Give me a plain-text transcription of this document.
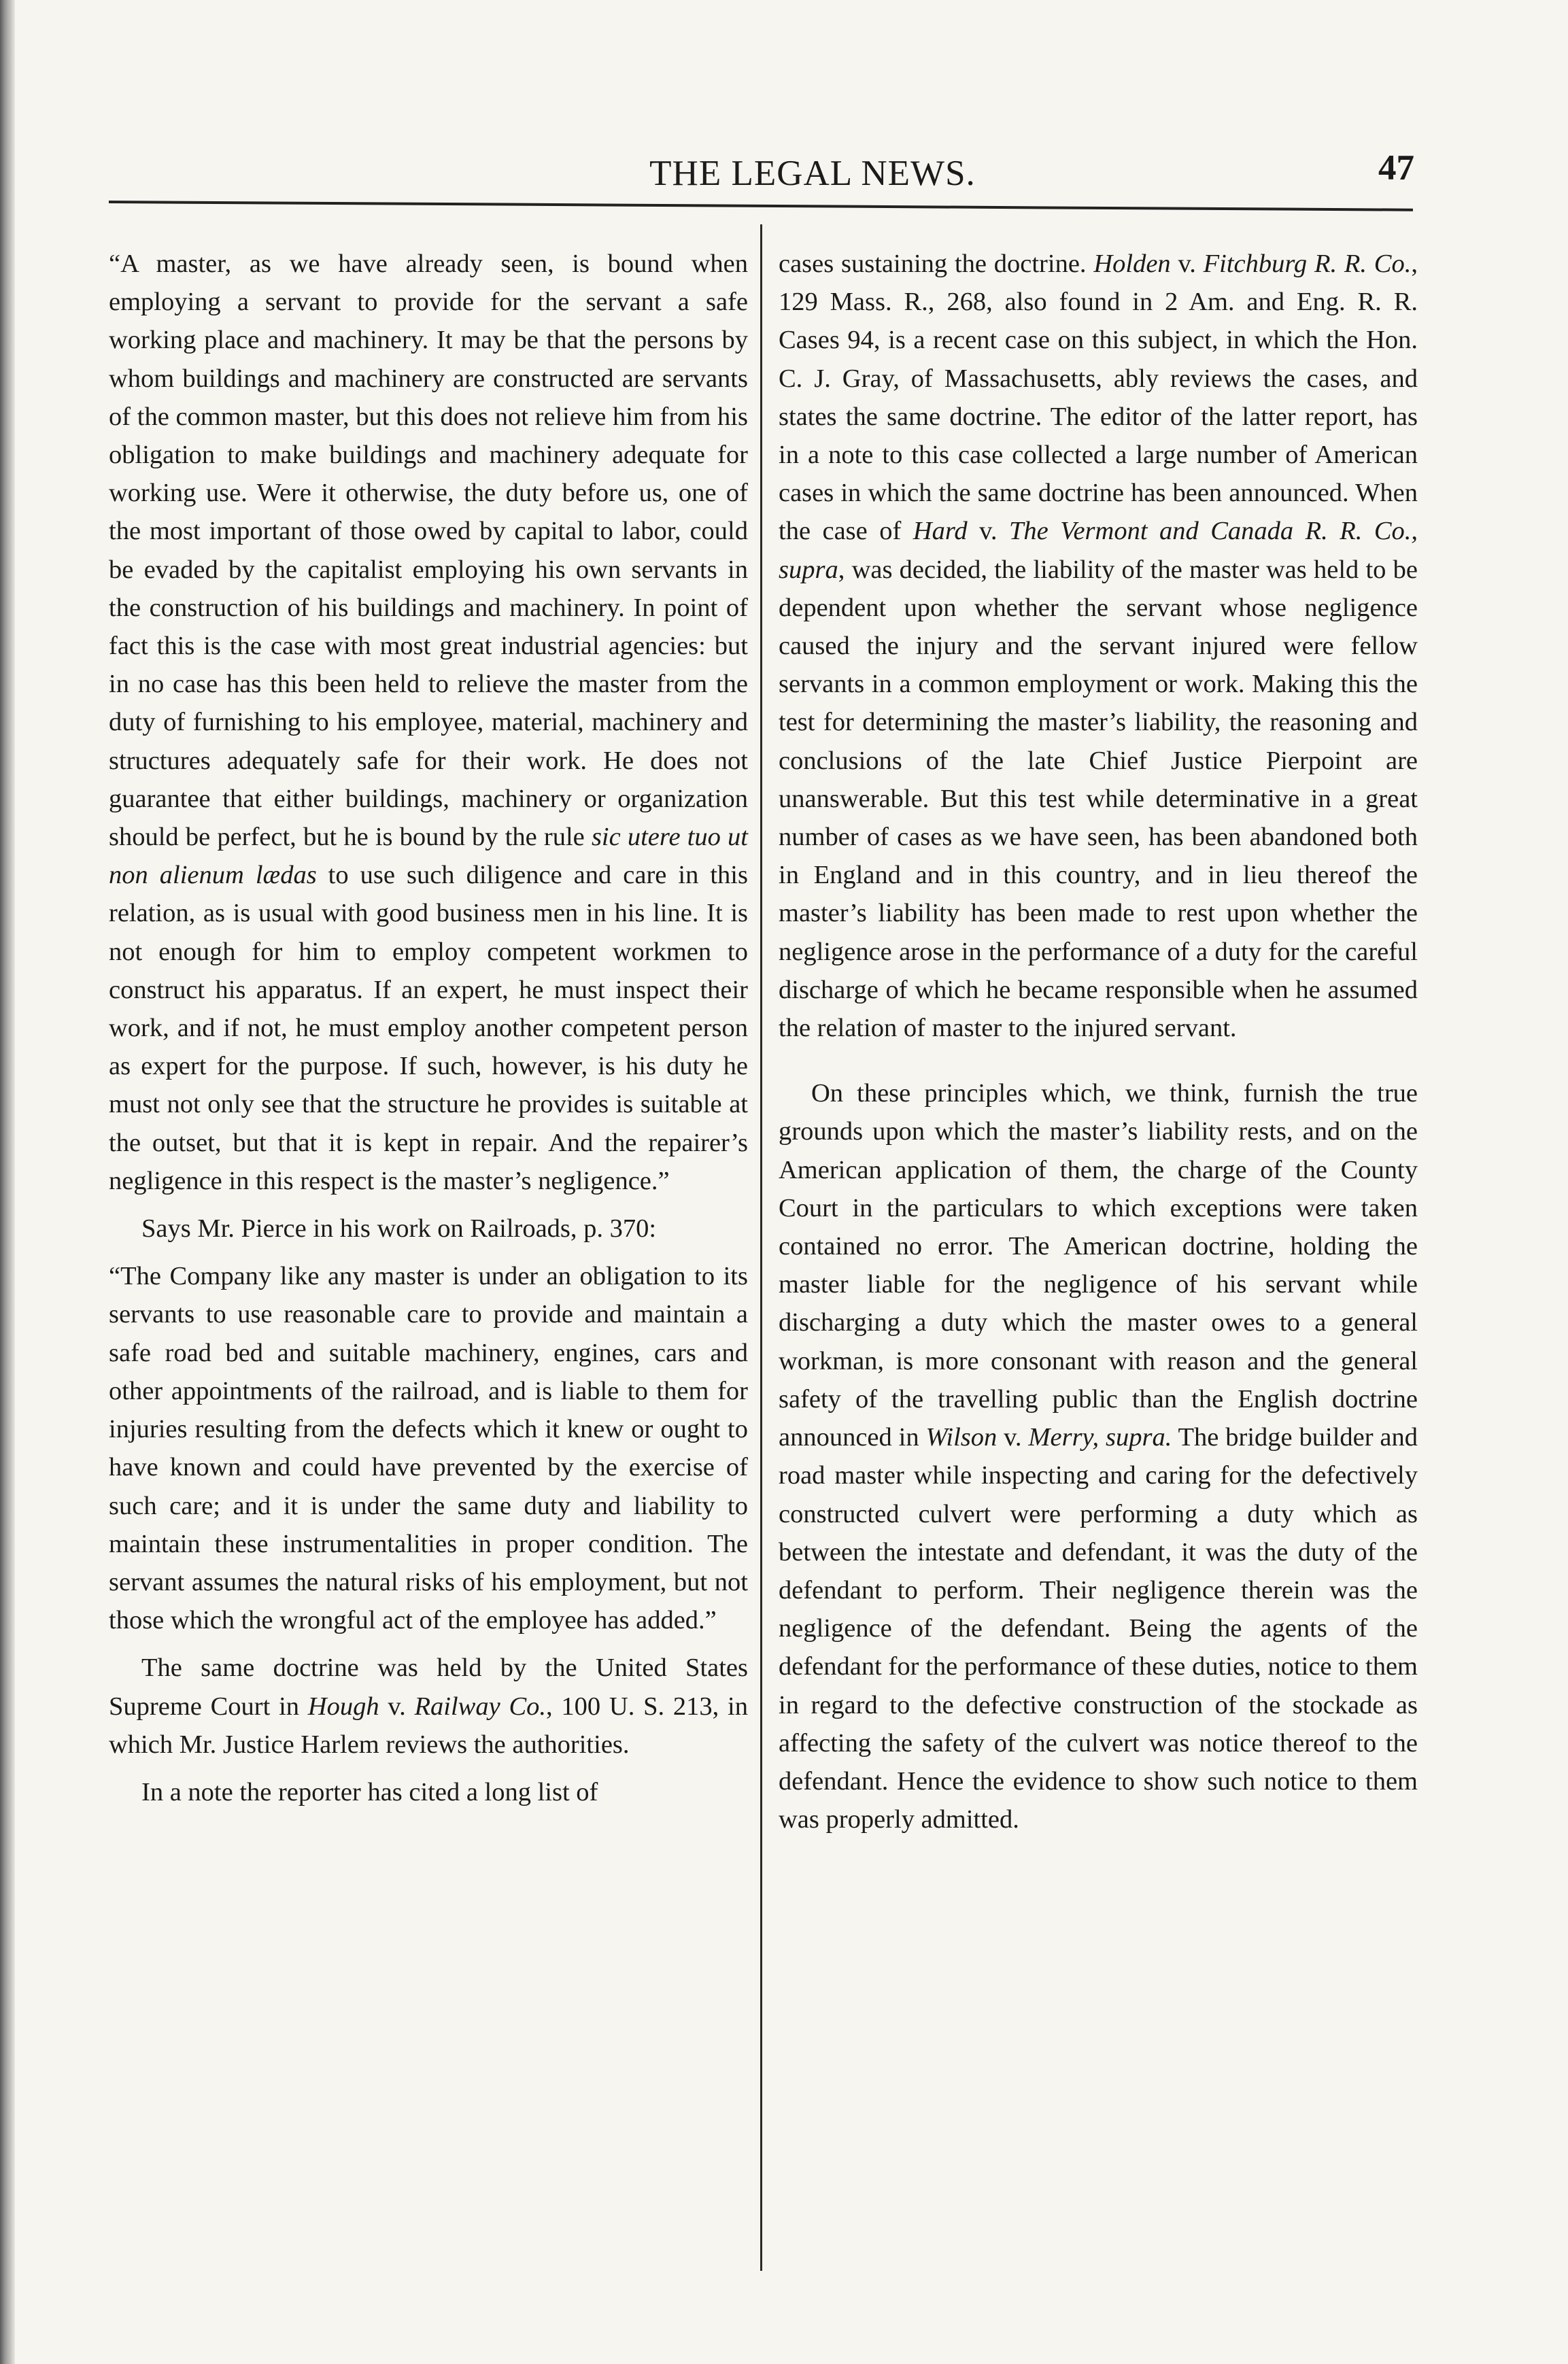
THE LEGAL NEWS.	47

“A master, as we have already seen, is bound when employing a servant to provide for the servant a safe working place and machinery. It may be that the persons by whom buildings and machinery are constructed are servants of the common master, but this does not relieve him from his obligation to make buildings and machinery adequate for working use. Were it otherwise, the duty before us, one of the most important of those owed by capital to labor, could be evaded by the capitalist employing his own servants in the construction of his buildings and machinery. In point of fact this is the case with most great industrial agencies: but in no case has this been held to relieve the master from the duty of furnishing to his employee, material, machinery and structures adequately safe for their work. He does not guarantee that either buildings, machinery or organization should be perfect, but he is bound by the rule sic utere tuo ut non alienum lædas to use such diligence and care in this relation, as is usual with good business men in his line. It is not enough for him to employ competent workmen to construct his apparatus. If an expert, he must inspect their work, and if not, he must employ another competent person as expert for the purpose. If such, however, is his duty he must not only see that the structure he provides is suitable at the outset, but that it is kept in repair. And the repairer’s negligence in this respect is the master’s negligence.”

Says Mr. Pierce in his work on Railroads, p. 370:

“The Company like any master is under an obligation to its servants to use reasonable care to provide and maintain a safe road bed and suitable machinery, engines, cars and other appointments of the railroad, and is liable to them for injuries resulting from the defects which it knew or ought to have known and could have prevented by the exercise of such care; and it is under the same duty and liability to maintain these instrumentalities in proper condition. The servant assumes the natural risks of his employment, but not those which the wrongful act of the employee has added.”

The same doctrine was held by the United States Supreme Court in Hough v. Railway Co., 100 U. S. 213, in which Mr. Justice Harlem reviews the authorities.

In a note the reporter has cited a long list of

cases sustaining the doctrine. Holden v. Fitchburg R. R. Co., 129 Mass. R., 268, also found in 2 Am. and Eng. R. R. Cases 94, is a recent case on this subject, in which the Hon. C. J. Gray, of Massachusetts, ably reviews the cases, and states the same doctrine. The editor of the latter report, has in a note to this case collected a large number of American cases in which the same doctrine has been announced. When the case of Hard v. The Vermont and Canada R. R. Co., supra, was decided, the liability of the master was held to be dependent upon whether the servant whose negligence caused the injury and the servant injured were fellow servants in a common employment or work. Making this the test for determining the master’s liability, the reasoning and conclusions of the late Chief Justice Pierpoint are unanswerable. But this test while determinative in a great number of cases as we have seen, has been abandoned both in England and in this country, and in lieu thereof the master’s liability has been made to rest upon whether the negligence arose in the performance of a duty for the careful discharge of which he became responsible when he assumed the relation of master to the injured servant.

On these principles which, we think, furnish the true grounds upon which the master’s liability rests, and on the American application of them, the charge of the County Court in the particulars to which exceptions were taken contained no error. The American doctrine, holding the master liable for the negligence of his servant while discharging a duty which the master owes to a general workman, is more consonant with reason and the general safety of the travelling public than the English doctrine announced in Wilson v. Merry, supra. The bridge builder and road master while inspecting and caring for the defectively constructed culvert were performing a duty which as between the intestate and defendant, it was the duty of the defendant to perform. Their negligence therein was the negligence of the defendant. Being the agents of the defendant for the performance of these duties, notice to them in regard to the defective construction of the stockade as affecting the safety of the culvert was notice thereof to the defendant. Hence the evidence to show such notice to them was properly admitted.
